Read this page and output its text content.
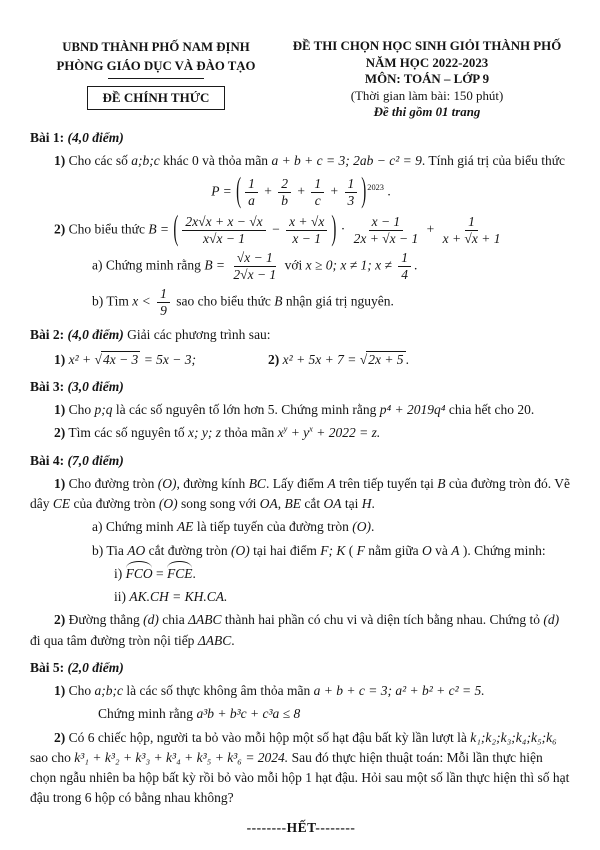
UBND THÀNH PHỐ NAM ĐỊNH
PHÒNG GIÁO DỤC VÀ ĐÀO TẠO
ĐỀ CHÍNH THỨC
ĐỀ THI CHỌN HỌC SINH GIỎI THÀNH PHỐ
NĂM HỌC 2022-2023
MÔN: TOÁN – LỚP 9
(Thời gian làm bài: 150 phút)
Đề thi gồm 01 trang

Bài 1: (4,0 điểm)

1) Cho các số a;b;c khác 0 và thỏa mãn a + b + c = 3; 2ab − c² = 9. Tính giá trị của biểu thức

P = ( $\frac{1}{a} + \frac{2}{b} + \frac{1}{c} + \frac{1}{3} )^{2023}$ .

2) Cho biểu thức B = ( $\frac{2x√x + x - √x}{x√x - 1} - \frac{x + √x}{x - 1}$ ) · $\frac{x - 1}{2x + √x - 1} + \frac{1}{x + √x + 1}$

a) Chứng minh rằng $B = \frac{√x - 1}{2√x - 1}$ với x ≥ 0; x ≠ 1; $x \ne \frac{1}{4}$ .

b) Tìm $x < \frac{1}{9}$ sao cho biểu thức B nhận giá trị nguyên.

Bài 2: (4,0 điểm) Giải các phương trình sau:

1) x² + √4x − 3 = 5x − 3;	2) x² + 5x + 7 = √2x + 5 .

Bài 3: (3,0 điểm)

1) Cho p;q là các số nguyên tố lớn hơn 5. Chứng minh rằng p⁴ + 2019q⁴ chia hết cho 20.

2) Tìm các số nguyên tố x; y; z thỏa mãn $x^y + y^x + 2022 = z$.

Bài 4: (7,0 điểm)

1) Cho đường tròn (O), đường kính BC. Lấy điểm A trên tiếp tuyến tại B của đường tròn đó. Vẽ dây CE của đường tròn (O) song song với OA, BE cắt OA tại H.

a) Chứng minh AE là tiếp tuyến của đường tròn (O).

b) Tia AO cắt đường tròn (O) tại hai điểm F; K ( F nằm giữa O và A ). Chứng minh:

i) FCO = FCE.

ii) AK.CH = KH.CA.

2) Đường thẳng (d) chia ΔABC thành hai phần có chu vi và diện tích bằng nhau. Chứng tỏ (d) đi qua tâm đường tròn nội tiếp ΔABC.

Bài 5: (2,0 điểm)

1) Cho a;b;c là các số thực không âm thỏa mãn a + b + c = 3; a² + b² + c² = 5.

Chứng minh rằng a³b + b³c + c³a ≤ 8

2) Có 6 chiếc hộp, người ta bỏ vào mỗi hộp một số hạt đậu bất kỳ lần lượt là k₁;k₂;k₃;k₄;k₅;k₆ sao cho k³₁ + k³₂ + k³₃ + k³₄ + k³₅ + k³₆ = 2024. Sau đó thực hiện thuật toán: Mỗi lần thực hiện chọn ngẫu nhiên ba hộp bất kỳ rồi bỏ vào mỗi hộp 1 hạt đậu. Hỏi sau một số lần thực hiện thì số hạt đậu trong 6 hộp có bằng nhau không?

--------HẾT--------
